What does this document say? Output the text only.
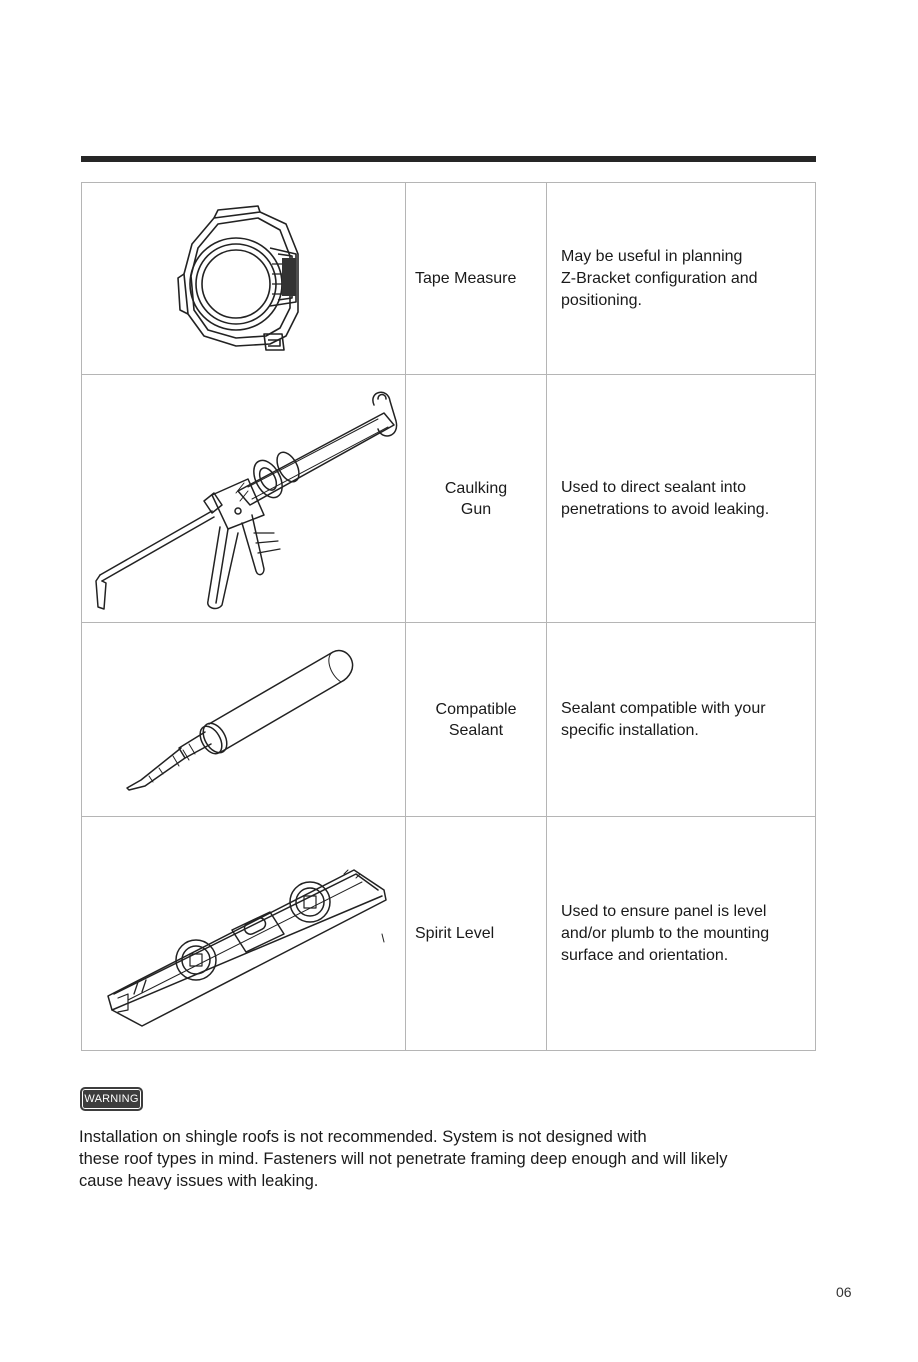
	Tape Measure	May be useful in planning
Z-Bracket configuration and
positioning.

Caulking
Gun	Used to direct sealant into
penetrations to avoid leaking.

Compatible
Sealant	Sealant compatible with your
specific installation.

	Spirit Level	Used to ensure panel is level
and/or plumb to the mounting
surface and orientation.
WARNING
Installation on shingle roofs is not recommended. System is not designed with
these roof types in mind. Fasteners will not penetrate framing deep enough and will likely
cause heavy issues with leaking.
06
